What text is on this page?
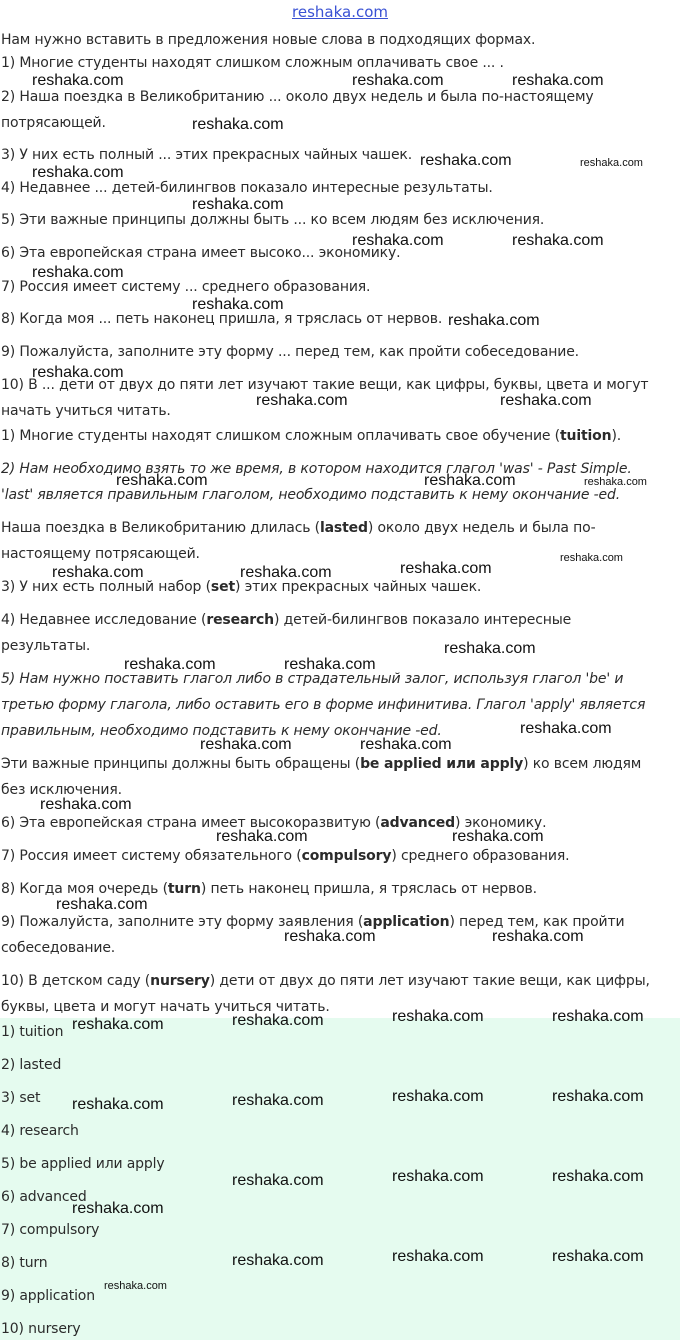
reshaka.com
Нам нужно вставить в предложения новые слова в подходящих формах.
1) Многие студенты находят слишком сложным оплачивать свое ... .
2) Наша поездка в Великобританию ... около двух недель и была по-настоящему
потрясающей.
3) У них есть полный ... этих прекрасных чайных чашек.
4) Недавнее ... детей-билингвов показало интересные результаты.
5) Эти важные принципы должны быть ... ко всем людям без исключения.
6) Эта европейская страна имеет высоко... экономику.
7) Россия имеет систему ... среднего образования.
8) Когда моя ... петь наконец пришла, я тряслась от нервов.
9) Пожалуйста, заполните эту форму ... перед тем, как пройти собеседование.
10) В ... дети от двух до пяти лет изучают такие вещи, как цифры, буквы, цвета и могут
начать учиться читать.
1) Многие студенты находят слишком сложным оплачивать свое обучение (tuition).
2) Нам необходимо взять то же время, в котором находится глагол 'was' - Past Simple.
'last' является правильным глаголом, необходимо подставить к нему окончание -ed.
Наша поездка в Великобританию длилась (lasted) около двух недель и была по-
настоящему потрясающей.
3) У них есть полный набор (set) этих прекрасных чайных чашек.
4) Недавнее исследование (research) детей-билингвов показало интересные
результаты.
5) Нам нужно поставить глагол либо в страдательный залог, используя глагол 'be' и
третью форму глагола, либо оставить его в форме инфинитива. Глагол 'apply' является
правильным, необходимо подставить к нему окончание -ed.
Эти важные принципы должны быть обращены (be applied или apply) ко всем людям
без исключения.
6) Эта европейская страна имеет высокоразвитую (advanced) экономику.
7) Россия имеет систему обязательного (compulsory) среднего образования.
8) Когда моя очередь (turn) петь наконец пришла, я тряслась от нервов.
9) Пожалуйста, заполните эту форму заявления (application) перед тем, как пройти
собеседование.
10) В детском саду (nursery) дети от двух до пяти лет изучают такие вещи, как цифры,
буквы, цвета и могут начать учиться читать.
1) tuition
2) lasted
3) set
4) research
5) be applied или apply
6) advanced
7) compulsory
8) turn
9) application
10) nursery
reshaka.com	reshaka.com	reshaka.com
reshaka.com
reshaka.com	reshaka.com
reshaka.com
reshaka.com
reshaka.com	reshaka.com
reshaka.com
reshaka.com
reshaka.com
reshaka.com
reshaka.com	reshaka.com
reshaka.com	reshaka.com	reshaka.com
reshaka.com
reshaka.com
reshaka.com	reshaka.com
reshaka.com
reshaka.com	reshaka.com
reshaka.com
reshaka.com	reshaka.com
reshaka.com
reshaka.com	reshaka.com
reshaka.com
reshaka.com	reshaka.com
reshaka.com	reshaka.com	reshaka.com	reshaka.com
reshaka.com	reshaka.com	reshaka.com	reshaka.com
reshaka.com	reshaka.com	reshaka.com
reshaka.com
reshaka.com	reshaka.com	reshaka.com
reshaka.com
